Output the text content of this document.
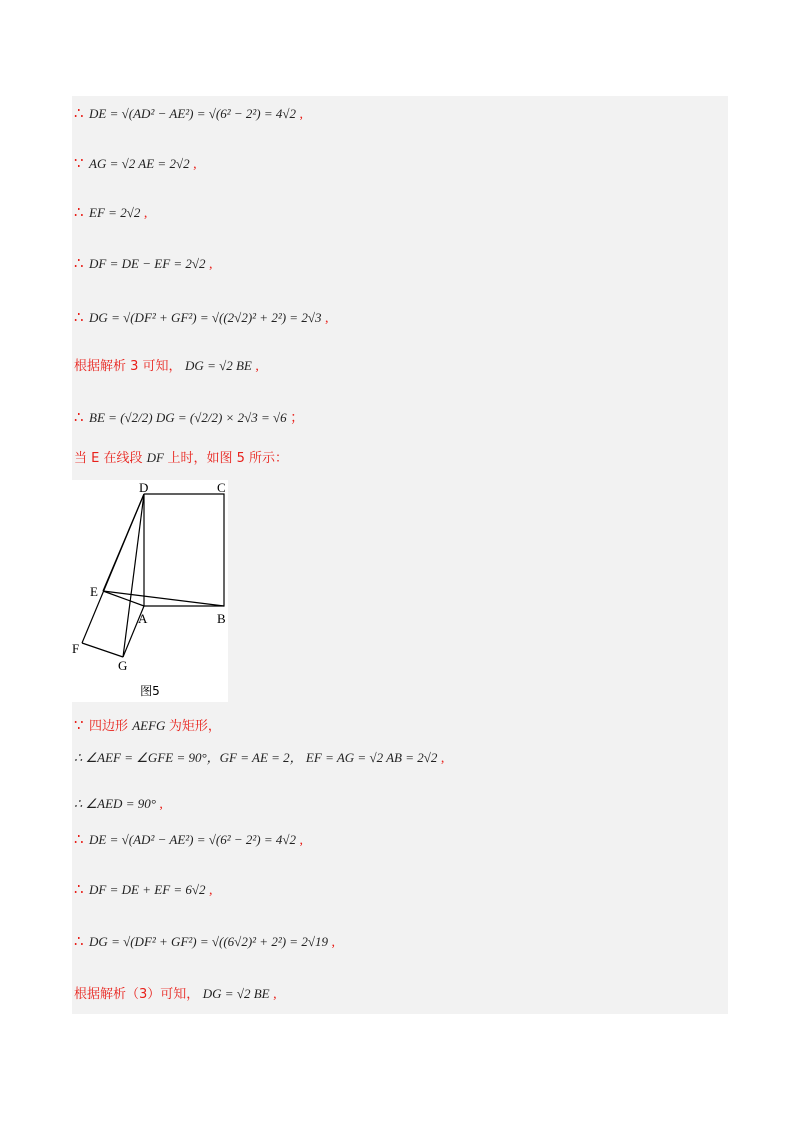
∴ DE = √(AD² − AE²) = √(6² − 2²) = 4√2 ,
∵ AG = √2 AE = 2√2 ,
∴ EF = 2√2 ,
∴ DF = DE − EF = 2√2 ,
∴ DG = √(DF² + GF²) = √((2√2)² + 2²) = 2√3 ,
根据解析 3 可知， DG = √2 BE ,
∴ BE = (√2/2) DG = (√2/2) × 2√3 = √6 ；
当 E 在线段 DF 上时，如图 5 所示：
D	C
E
A	B
F
G
图5
∵ 四边形 AEFG 为矩形，
∴ ∠AEF = ∠GFE = 90°，GF = AE = 2， EF = AG = √2 AB = 2√2 ,
∴ ∠AED = 90° ,
∴ DE = √(AD² − AE²) = √(6² − 2²) = 4√2 ,
∴ DF = DE + EF = 6√2 ,
∴ DG = √(DF² + GF²) = √((6√2)² + 2²) = 2√19 ,
根据解析（3）可知， DG = √2 BE ,
